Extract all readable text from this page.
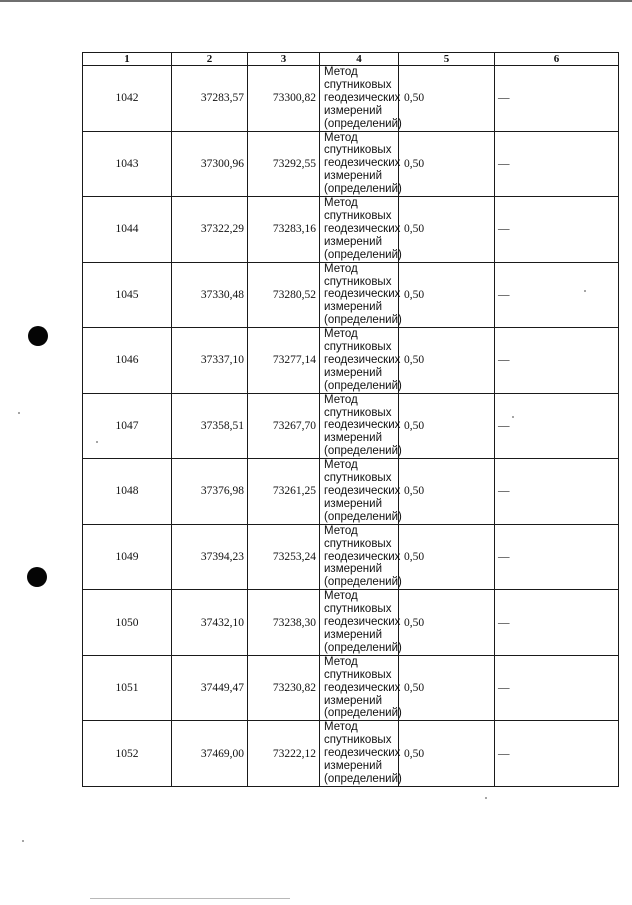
1	2	3	4	5	6
1042	37283,57	73300,82	Метод
спутниковых
геодезических
измерений
(определений)	0,50	—
1043	37300,96	73292,55	Метод
спутниковых
геодезических
измерений
(определений)	0,50	—
1044	37322,29	73283,16	Метод
спутниковых
геодезических
измерений
(определений)	0,50	—
1045	37330,48	73280,52	Метод
спутниковых
геодезических
измерений
(определений)	0,50	—
1046	37337,10	73277,14	Метод
спутниковых
геодезических
измерений
(определений)	0,50	—
1047	37358,51	73267,70	Метод
спутниковых
геодезических
измерений
(определений)	0,50	—
1048	37376,98	73261,25	Метод
спутниковых
геодезических
измерений
(определений)	0,50	—
1049	37394,23	73253,24	Метод
спутниковых
геодезических
измерений
(определений)	0,50	—
1050	37432,10	73238,30	Метод
спутниковых
геодезических
измерений
(определений)	0,50	—
1051	37449,47	73230,82	Метод
спутниковых
геодезических
измерений
(определений)	0,50	—
1052	37469,00	73222,12	Метод
спутниковых
геодезических
измерений
(определений)	0,50	—
